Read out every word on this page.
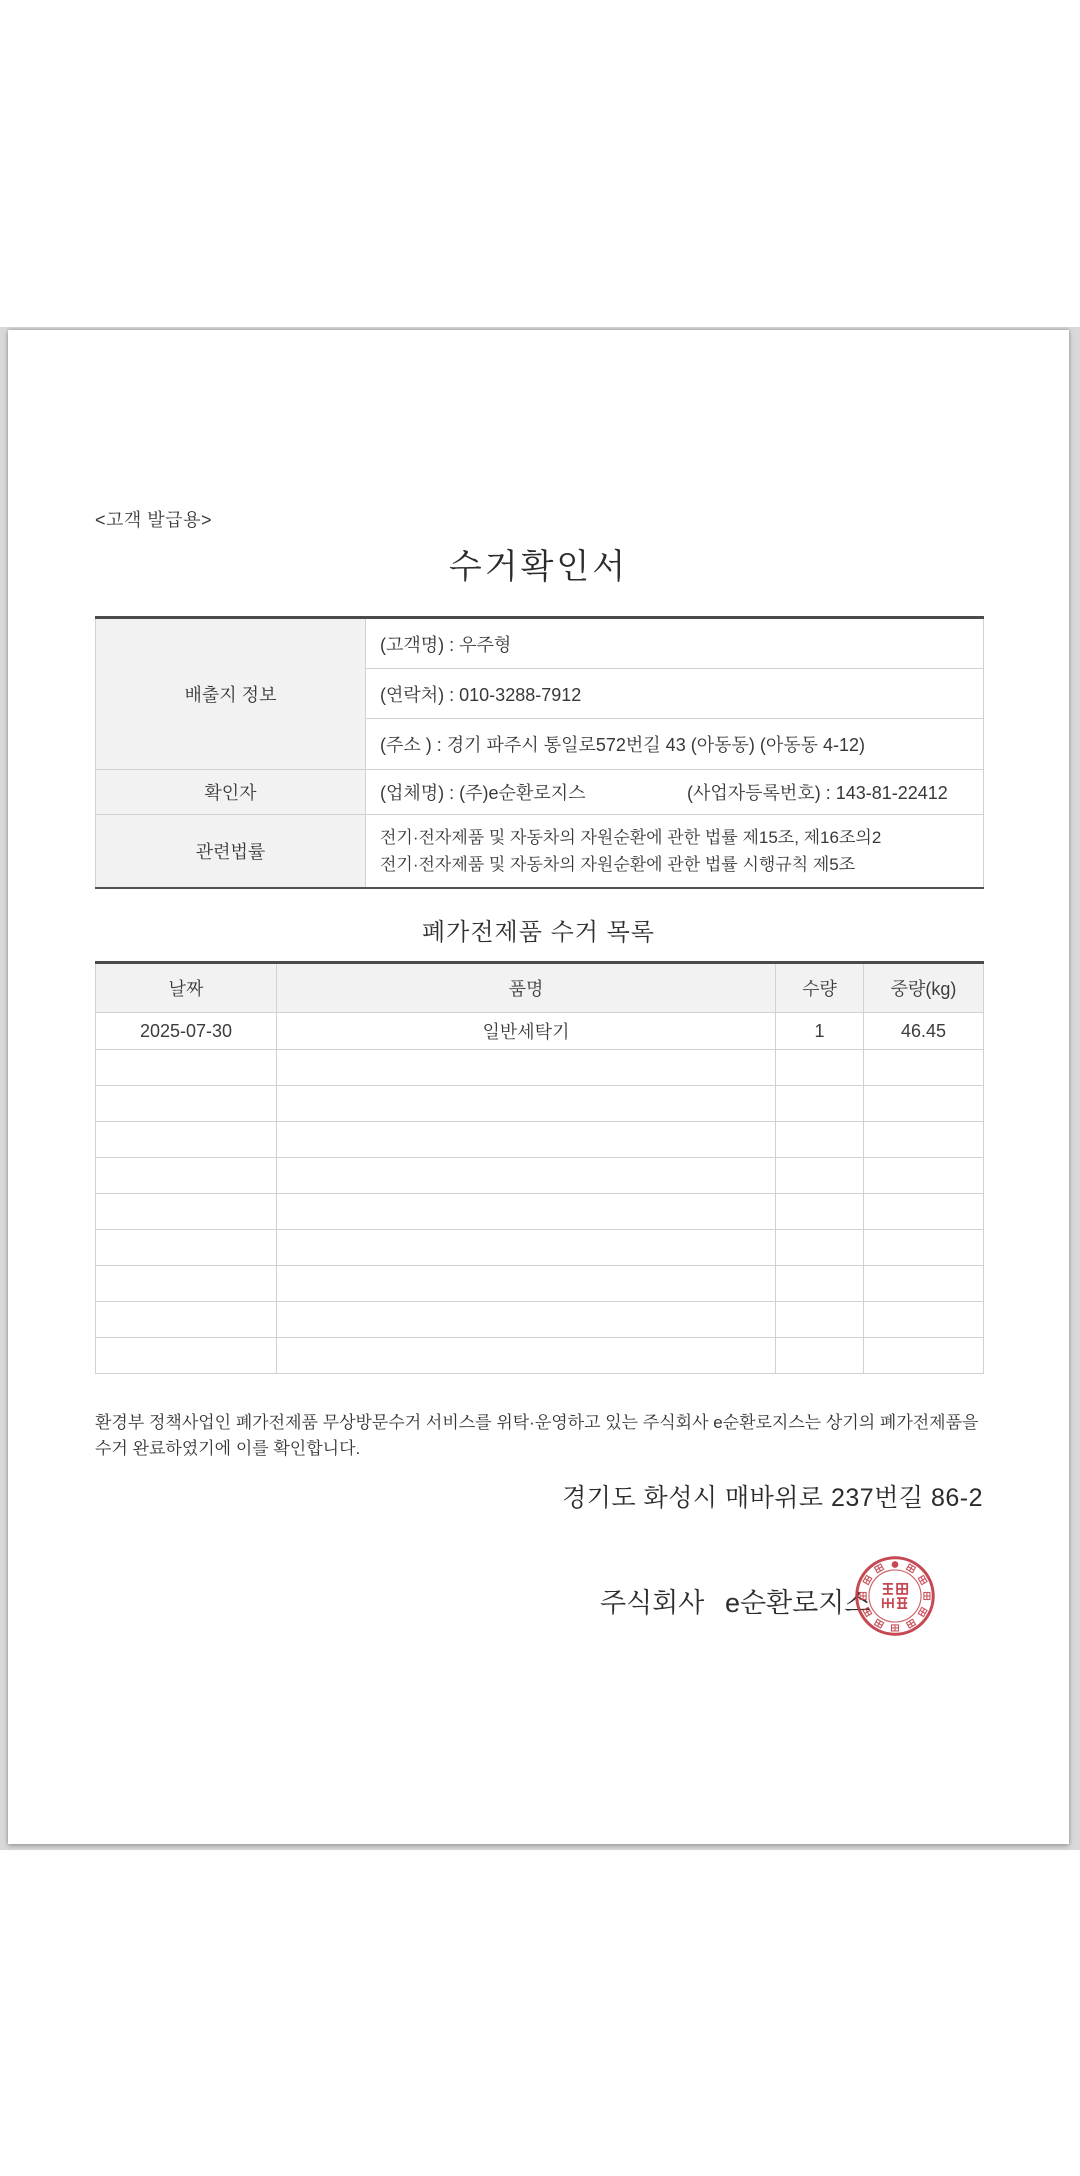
<고객 발급용>
수거확인서
배출지 정보	(고객명) : 우주형
	(연락처) : 010-3288-7912
	(주소 ) : 경기 파주시 통일로572번길 43 (아동동) (아동동 4-12)
확인자	(업체명) : (주)e순환로지스 (사업자등록번호) : 143-81-22412

관련법률	전기·전자제품 및 자동차의 자원순환에 관한 법률 제15조, 제16조의2
전기·전자제품 및 자동차의 자원순환에 관한 법률 시행규칙 제5조
폐가전제품 수거 목록
날짜	품명	수량	중량(kg)
2025-07-30	일반세탁기	1	46.45

환경부 정책사업인 폐가전제품 무상방문수거 서비스를 위탁·운영하고 있는 주식회사 e순환로지스는 상기의 폐가전제품을
수거 완료하였기에 이를 확인합니다.
경기도 화성시 매바위로 237번길 86-2
주식회사 e순환로지스
